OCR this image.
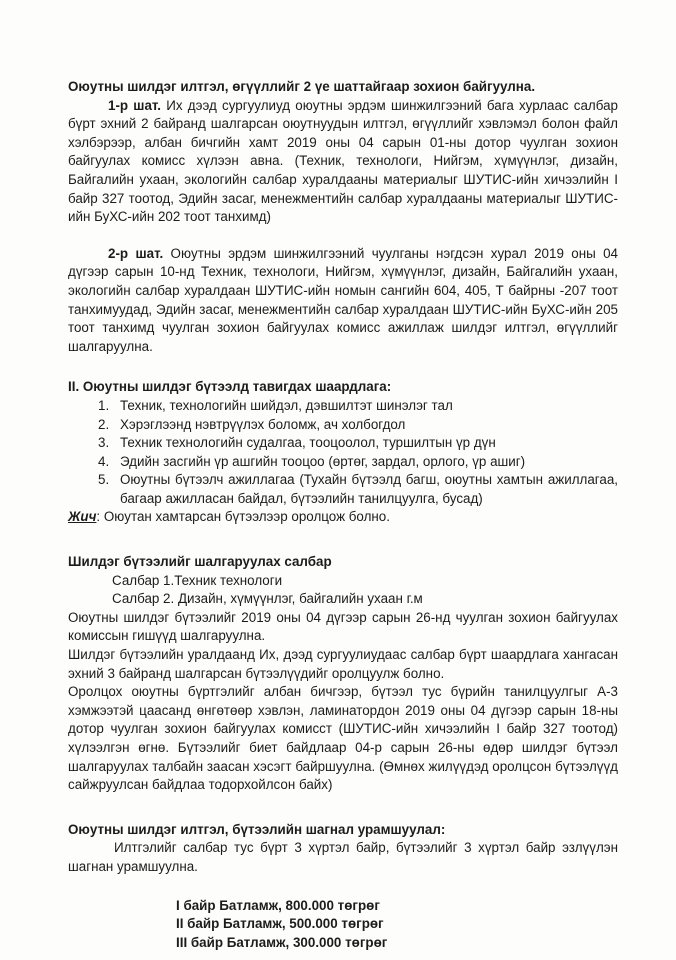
Оюутны шилдэг илтгэл, өгүүллийг 2 үе шаттайгаар зохион байгуулна.

1-р шат. Их дээд сургуулиуд оюутны эрдэм шинжилгээний бага хурлаас салбар бүрт эхний 2 байранд шалгарсан оюутнуудын илтгэл, өгүүллийг хэвлэмэл болон файл хэлбэрээр, албан бичгийн хамт 2019 оны 04 сарын 01-ны дотор чуулган зохион байгуулах комисс хүлээн авна. (Техник, технологи, Нийгэм, хүмүүнлэг, дизайн, Байгалийн ухаан, экологийн салбар хуралдааны материалыг ШУТИС-ийн хичээлийн I байр 327 тоотод, Эдийн засаг, менежментийн салбар хуралдааны материалыг ШУТИС-ийн БуХС-ийн 202 тоот танхимд)

2-р шат. Оюутны эрдэм шинжилгээний чуулганы нэгдсэн хурал 2019 оны 04 дүгээр сарын 10-нд Техник, технологи, Нийгэм, хүмүүнлэг, дизайн, Байгалийн ухаан, экологийн салбар хуралдаан ШУТИС-ийн номын сангийн 604, 405, Т байрны -207 тоот танхимуудад, Эдийн засаг, менежментийн салбар хуралдаан ШУТИС-ийн БуХС-ийн 205 тоот танхимд чуулган зохион байгуулах комисс ажиллаж шилдэг илтгэл, өгүүллийг шалгаруулна.

II. Оюутны шилдэг бүтээлд тавигдах шаардлага:

1. Техник, технологийн шийдэл, дэвшилтэт шинэлэг тал
2. Хэрэглээнд нэвтрүүлэх боломж, ач холбогдол
3. Техник технологийн судалгаа, тооцоолол, туршилтын үр дүн
4. Эдийн засгийн үр ашгийн тооцоо (өртөг, зардал, орлого, үр ашиг)
5. Оюутны бүтээлч ажиллагаа (Тухайн бүтээлд багш, оюутны хамтын ажиллагаа, багаар ажилласан байдал, бүтээлийн танилцуулга, бусад)

Жич: Оюутан хамтарсан бүтээлээр оролцож болно.

Шилдэг бүтээлийг шалгаруулах салбар

Салбар 1.Техник технологи

Салбар 2. Дизайн, хүмүүнлэг, байгалийн ухаан г.м

Оюутны шилдэг бүтээлийг 2019 оны 04 дүгээр сарын 26-нд чуулган зохион байгуулах комиссын гишүүд шалгаруулна.

Шилдэг бүтээлийн уралдаанд Их, дээд сургуулиудаас салбар бүрт шаардлага хангасан эхний 3 байранд шалгарсан бүтээлүүдийг оролцуулж болно.

Оролцох оюутны бүртгэлийг албан бичгээр, бүтээл тус бүрийн танилцуулгыг А-3 хэмжээтэй цаасанд өнгөтөөр хэвлэн, ламинатордон 2019 оны 04 дүгээр сарын 18-ны дотор чуулган зохион байгуулах комисст (ШУТИС-ийн хичээлийн I байр 327 тоотод) хүлээлгэн өгнө. Бүтээлийг биет байдлаар 04-р сарын 26-ны өдөр шилдэг бүтээл шалгаруулах талбайн заасан хэсэгт байршуулна. (Өмнөх жилүүдэд оролцсон бүтээлүүд сайжруулсан байдлаа тодорхойлсон байх)

Оюутны шилдэг илтгэл, бүтээлийн шагнал урамшуулал:

Илтгэлийг салбар тус бүрт 3 хүртэл байр, бүтээлийг 3 хүртэл байр эзлүүлэн шагнан урамшуулна.

I байр Батламж, 800.000 төгрөг
II байр Батламж, 500.000 төгрөг
III байр Батламж, 300.000 төгрөг
